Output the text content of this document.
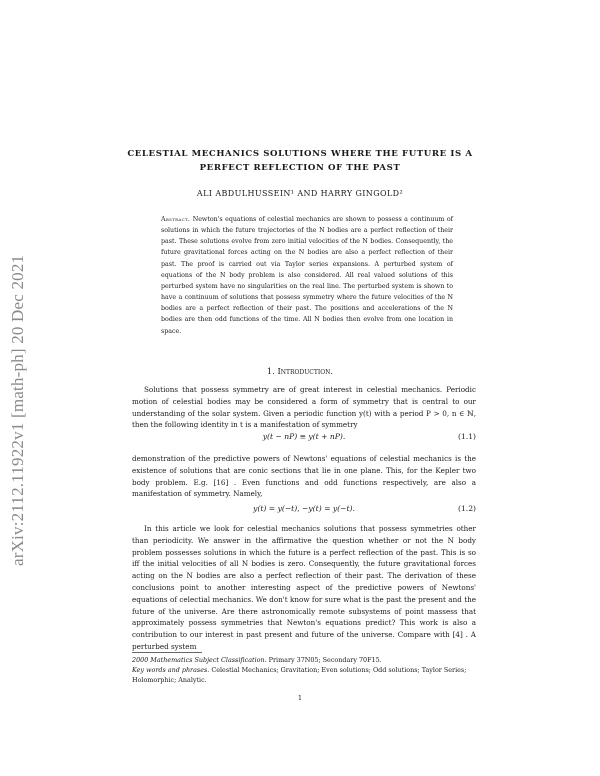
arXiv:2112.11922v1 [math-ph] 20 Dec 2021
CELESTIAL MECHANICS SOLUTIONS WHERE THE FUTURE IS A PERFECT REFLECTION OF THE PAST
ALI ABDULHUSSEIN¹ AND HARRY GINGOLD²
Abstract. Newton's equations of celestial mechanics are shown to possess a continuum of solutions in which the future trajectories of the N bodies are a perfect reflection of their past. These solutions evolve from zero initial velocities of the N bodies. Consequently, the future gravitational forces acting on the N bodies are also a perfect reflection of their past. The proof is carried out via Taylor series expansions. A perturbed system of equations of the N body problem is also considered. All real valued solutions of this perturbed system have no singularities on the real line. The perturbed system is shown to have a continuum of solutions that possess symmetry where the future velocities of the N bodies are a perfect reflection of their past. The positions and accelerations of the N bodies are then odd functions of the time. All N bodies then evolve from one location in space.
1. Introduction.

Solutions that possess symmetry are of great interest in celestial mechanics. Periodic motion of celestial bodies may be considered a form of symmetry that is central to our understanding of the solar system. Given a periodic function y(t) with a period P > 0, n ∈ ℕ, then the following identity in t is a manifestation of symmetry

y(t − nP) ≡ y(t + nP).	(1.1)

demonstration of the predictive powers of Newtons' equations of celestial mechanics is the existence of solutions that are conic sections that lie in one plane. This, for the Kepler two body problem. E.g. [16] . Even functions and odd functions respectively, are also a manifestation of symmetry. Namely,

y(t) = y(−t), −y(t) = y(−t).	(1.2)

In this article we look for celestial mechanics solutions that possess symmetries other than periodicity. We answer in the affirmative the question whether or not the N body problem possesses solutions in which the future is a perfect reflection of the past. This is so iff the initial velocities of all N bodies is zero. Consequently, the future gravitational forces acting on the N bodies are also a perfect reflection of their past. The derivation of these conclusions point to another interesting aspect of the predictive powers of Newtons' equations of celectial mechanics. We don't know for sure what is the past the present and the future of the universe. Are there astronomically remote subsystems of point massess that approximately possess symmetries that Newton's equations predict? This work is also a contribution to our interest in past present and future of the universe. Compare with [4] . A perturbed system

2000 Mathematics Subject Classification. Primary 37N05; Secondary 70F15.

Key words and phrases. Celestial Mechanics; Gravitation; Even solutions; Odd solutions; Taylor Series; Holomorphic; Analytic.

1
